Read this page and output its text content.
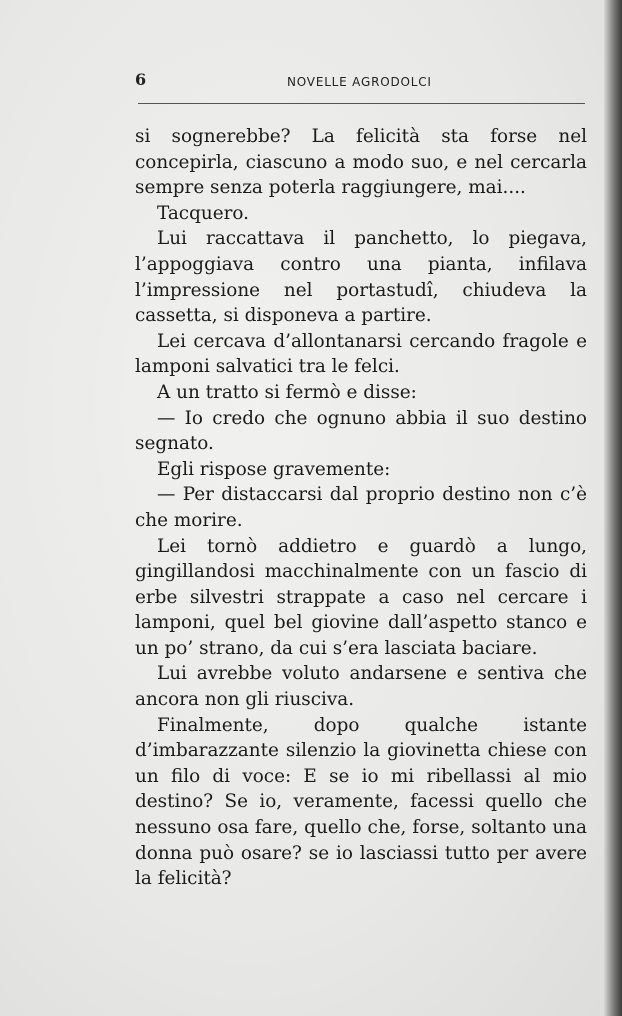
6	NOVELLE AGRODOLCI

si sognerebbe? La felicità sta forse nel concepirla, ciascuno a modo suo, e nel cercarla sempre senza poterla raggiungere, mai....

Tacquero.

Lui raccattava il panchetto, lo piegava, l’appoggiava contro una pianta, infilava l’impressione nel portastudî, chiudeva la cassetta, si disponeva a partire.

Lei cercava d’allontanarsi cercando fragole e lamponi salvatici tra le felci.

A un tratto si fermò e disse:

— Io credo che ognuno abbia il suo destino segnato.

Egli rispose gravemente:

— Per distaccarsi dal proprio destino non c’è che morire.

Lei tornò addietro e guardò a lungo, gingillandosi macchinalmente con un fascio di erbe silvestri strappate a caso nel cercare i lamponi, quel bel giovine dall’aspetto stanco e un po’ strano, da cui s’era lasciata baciare.

Lui avrebbe voluto andarsene e sentiva che ancora non gli riusciva.

Finalmente, dopo qualche istante d’imbarazzante silenzio la giovinetta chiese con un filo di voce: E se io mi ribellassi al mio destino? Se io, veramente, facessi quello che nessuno osa fare, quello che, forse, soltanto una donna può osare? se io lasciassi tutto per avere la felicità?
